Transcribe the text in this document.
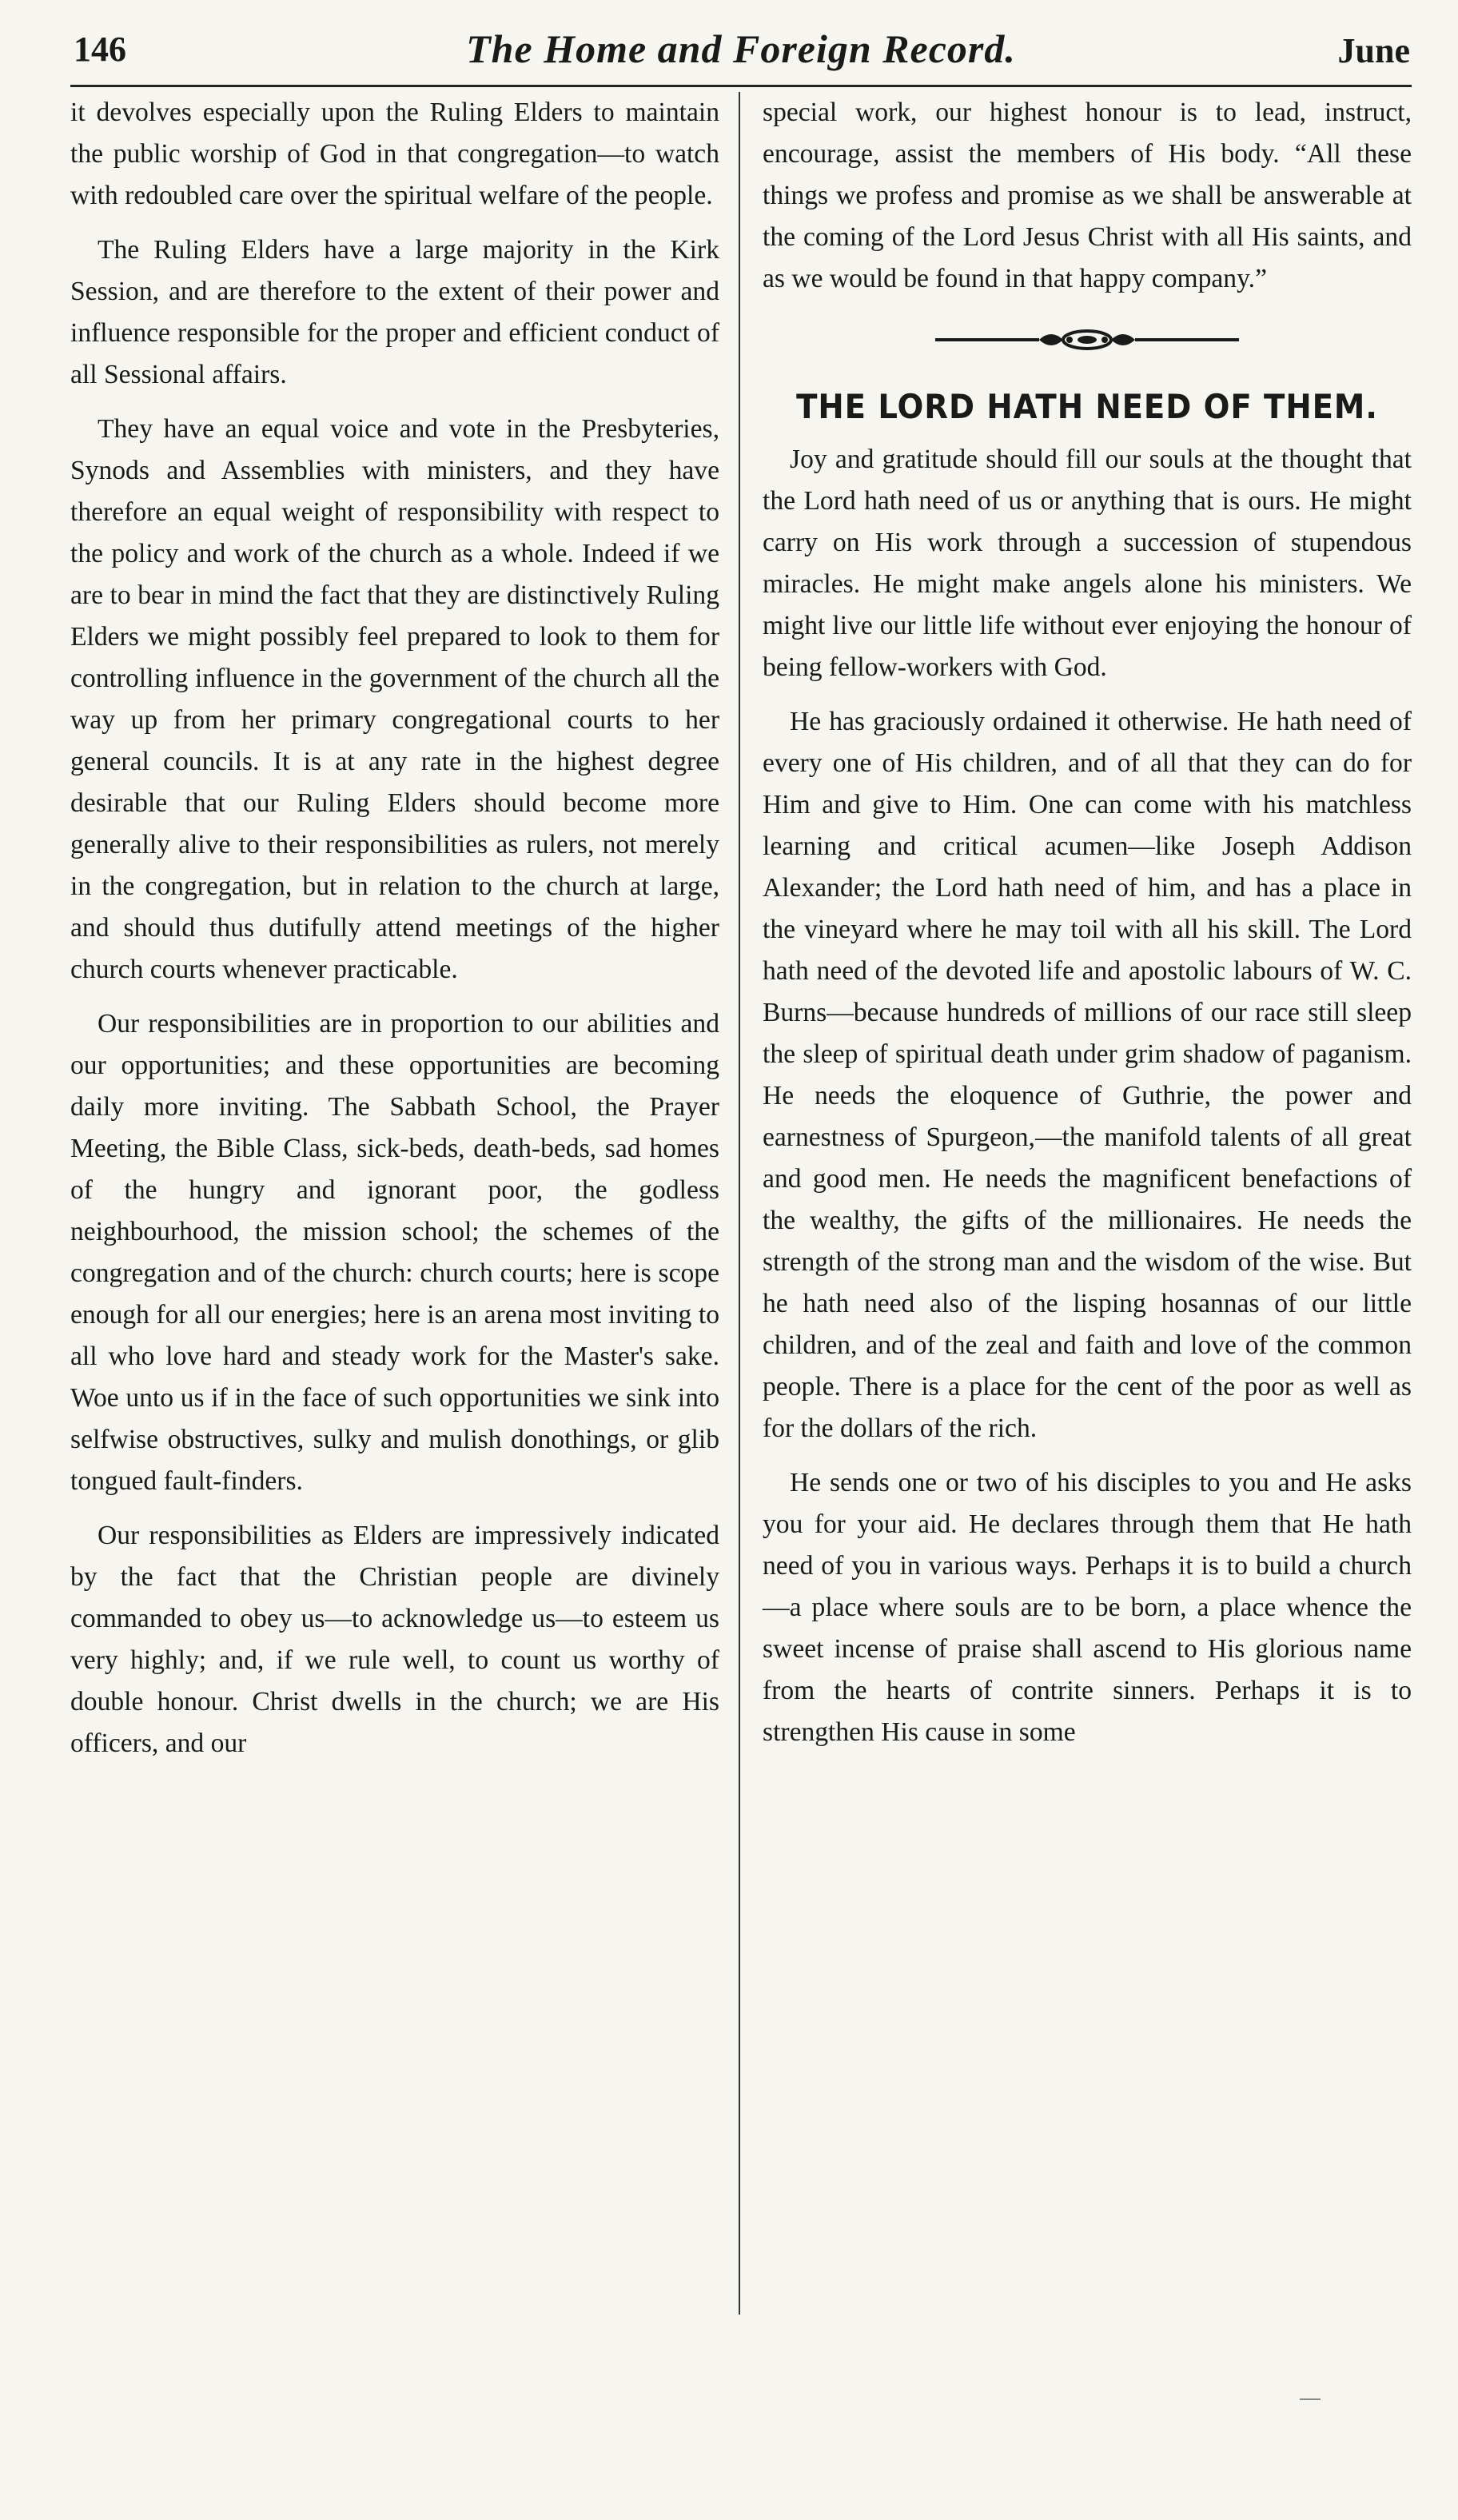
146	The Home and Foreign Record.	June

it devolves especially upon the Ruling Elders to maintain the public worship of God in that congregation—to watch with redoubled care over the spiritual welfare of the people.

The Ruling Elders have a large majority in the Kirk Session, and are therefore to the extent of their power and influence responsible for the proper and efficient conduct of all Sessional affairs.

They have an equal voice and vote in the Presbyteries, Synods and Assemblies with ministers, and they have therefore an equal weight of responsibility with respect to the policy and work of the church as a whole. Indeed if we are to bear in mind the fact that they are distinctively Ruling Elders we might possibly feel prepared to look to them for controlling influence in the government of the church all the way up from her primary congregational courts to her general councils. It is at any rate in the highest degree desirable that our Ruling Elders should become more generally alive to their responsibilities as rulers, not merely in the congregation, but in relation to the church at large, and should thus dutifully attend meetings of the higher church courts whenever practicable.

Our responsibilities are in proportion to our abilities and our opportunities; and these opportunities are becoming daily more inviting. The Sabbath School, the Prayer Meeting, the Bible Class, sick-beds, death-beds, sad homes of the hungry and ignorant poor, the godless neighbourhood, the mission school; the schemes of the congregation and of the church: church courts; here is scope enough for all our energies; here is an arena most inviting to all who love hard and steady work for the Master's sake. Woe unto us if in the face of such opportunities we sink into selfwise obstructives, sulky and mulish donothings, or glib tongued fault-finders.

Our responsibilities as Elders are impressively indicated by the fact that the Christian people are divinely commanded to obey us—to acknowledge us—to esteem us very highly; and, if we rule well, to count us worthy of double honour. Christ dwells in the church; we are His officers, and our

special work, our highest honour is to lead, instruct, encourage, assist the members of His body. “All these things we profess and promise as we shall be answerable at the coming of the Lord Jesus Christ with all His saints, and as we would be found in that happy company.”

THE LORD HATH NEED OF THEM.

Joy and gratitude should fill our souls at the thought that the Lord hath need of us or anything that is ours. He might carry on His work through a succession of stupendous miracles. He might make angels alone his ministers. We might live our little life without ever enjoying the honour of being fellow-workers with God.

He has graciously ordained it otherwise. He hath need of every one of His children, and of all that they can do for Him and give to Him. One can come with his matchless learning and critical acumen—like Joseph Addison Alexander; the Lord hath need of him, and has a place in the vineyard where he may toil with all his skill. The Lord hath need of the devoted life and apostolic labours of W. C. Burns—because hundreds of millions of our race still sleep the sleep of spiritual death under grim shadow of paganism. He needs the eloquence of Guthrie, the power and earnestness of Spurgeon,—the manifold talents of all great and good men. He needs the magnificent benefactions of the wealthy, the gifts of the millionaires. He needs the strength of the strong man and the wisdom of the wise. But he hath need also of the lisping hosannas of our little children, and of the zeal and faith and love of the common people. There is a place for the cent of the poor as well as for the dollars of the rich.

He sends one or two of his disciples to you and He asks you for your aid. He declares through them that He hath need of you in various ways. Perhaps it is to build a church—a place where souls are to be born, a place whence the sweet incense of praise shall ascend to His glorious name from the hearts of contrite sinners. Perhaps it is to strengthen His cause in some
